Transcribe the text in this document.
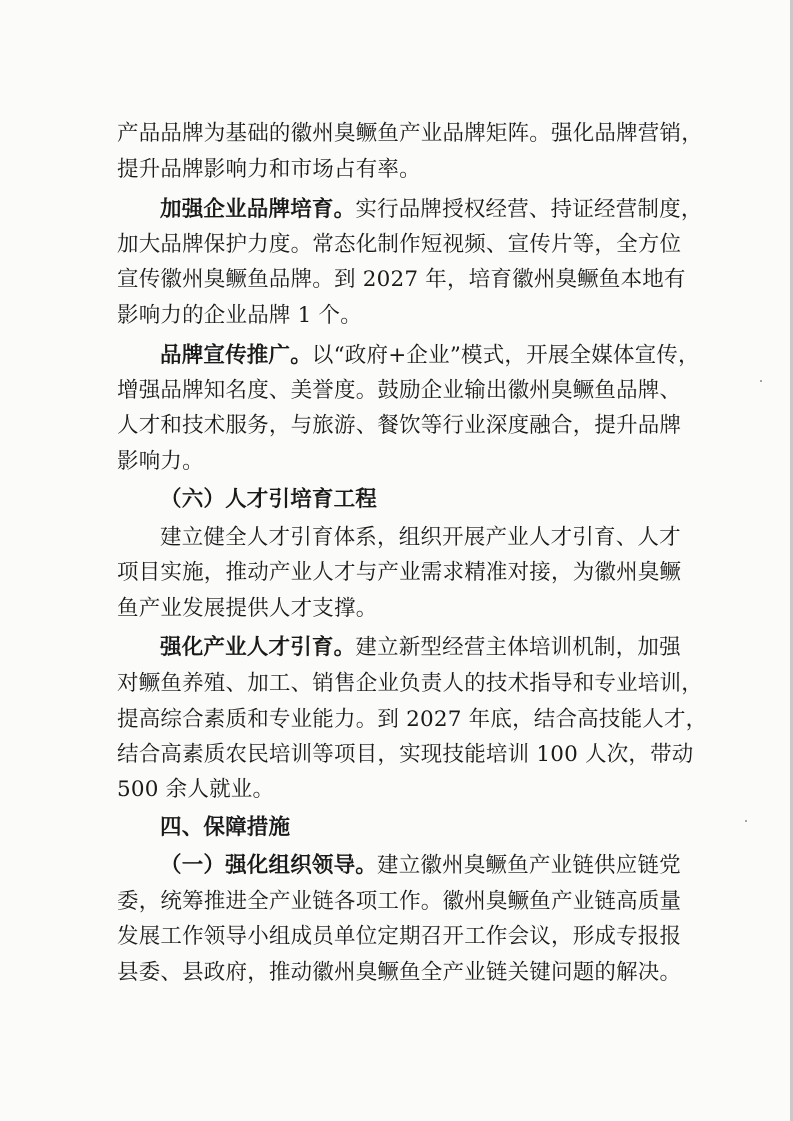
产品品牌为基础的徽州臭鳜鱼产业品牌矩阵。强化品牌营销，
提升品牌影响力和市场占有率。
加强企业品牌培育。实行品牌授权经营、持证经营制度，
加大品牌保护力度。常态化制作短视频、宣传片等，全方位
宣传徽州臭鳜鱼品牌。到 2027 年，培育徽州臭鳜鱼本地有
影响力的企业品牌 1 个。
品牌宣传推广。以“政府+企业”模式，开展全媒体宣传，
增强品牌知名度、美誉度。鼓励企业输出徽州臭鳜鱼品牌、
人才和技术服务，与旅游、餐饮等行业深度融合，提升品牌
影响力。
（六）人才引培育工程
建立健全人才引育体系，组织开展产业人才引育、人才
项目实施，推动产业人才与产业需求精准对接，为徽州臭鳜
鱼产业发展提供人才支撑。
强化产业人才引育。建立新型经营主体培训机制，加强
对鳜鱼养殖、加工、销售企业负责人的技术指导和专业培训，
提高综合素质和专业能力。到 2027 年底，结合高技能人才，
结合高素质农民培训等项目，实现技能培训 100 人次，带动
500 余人就业。
四、保障措施
（一）强化组织领导。建立徽州臭鳜鱼产业链供应链党
委，统筹推进全产业链各项工作。徽州臭鳜鱼产业链高质量
发展工作领导小组成员单位定期召开工作会议，形成专报报
县委、县政府，推动徽州臭鳜鱼全产业链关键问题的解决。
